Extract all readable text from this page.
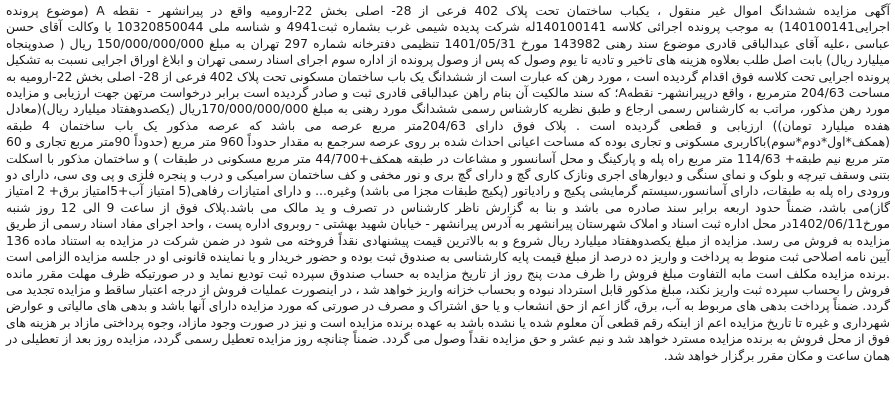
آگهی مزایده ششدانگ اموال غیر منقول ، یکباب ساختمان تحت پلاک 402 فرعی از 28- اصلی بخش 22-ارومیه واقع در پیرانشهر - نقطه A (موضوع پرونده اجرایی140100141) به موجب پرونده اجرائی کلاسه 140100141له شرکت پدیده شیمی غرب بشماره ثبت4941 و شناسه ملی 10320850044 با وکالت آقای حسن عباسی ،علیه آقای عبدالباقی قادری موضوع سند رهنی 143982 مورخ 1401/05/31 تنظیمی دفترخانه شماره 297 تهران به مبلغ 150/000/000/000 ریال ( صدوپنجاه میلیارد ریال) بابت اصل طلب بعلاوه هزینه های تاخیر و تادیه تا یوم وصول که پس از وصول پرونده از اداره سوم اجرای اسناد رسمی تهران و ابلاغ اوراق اجرایی نسبت به تشکیل پرونده اجرایی تحت کلاسه فوق اقدام گردیده است ، مورد رهن که عبارت است از ششدانگ یک باب ساختمان مسکونی تحت پلاک 402 فرعی از 28- اصلی بخش 22-ارومیه به مساحت 204/63 مترمربع ، واقع درپیرانشهر- نقطهA؛ که سند مالکیت آن بنام راهن عبدالباقی قادری ثبت و صادر گردیده است برابر درخواست مرتهن جهت ارزیابی و مزایده مورد رهن مذکور، مراتب به کارشناس رسمی ارجاع و طبق نظریه کارشناس رسمی ششدانگ مورد رهنی به مبلغ 170/000/000/000ریال (یکصدوهفتاد میلیارد ریال)(معادل هفده میلیارد تومان)) ارزیابی و قطعی گردیده است . پلاک فوق دارای 204/63متر مربع عرصه می باشد که عرصه مذکور یک باب ساختمان 4 طبقه (همکف*اول*دوم*سوم)باکاربری مسکونی و تجاری بوده که مساحت اعیانی احداث شده بر روی عرصه سرجمع به مقدار حدوداً 960 متر مربع (حدوداً 90متر مربع تجاری و 60 متر مربع نیم طبقه+ 114/63 متر مربع راه پله و پارکینگ و محل آسانسور و مشاعات در طبقه همکف+44/700 متر مربع مسکونی در طبقات ) و ساختمان مذکور با اسکلت بتنی وسقف تیرچه و بلوک و نمای سنگی و دیوارهای اجری ونازک کاری گچ و دارای گچ بری و نور مخفی و کف ساختمان سرامیکی و درب و پنجره فلزی و پی وی سی، دارای دو ورودی راه پله به طبقات، دارای آسانسور،سیستم گرمایشی پکیج و رادیاتور (پکیج طبقات مجزا می باشد) وغیره... و دارای امتیازات رفاهی(5 امتیاز آب+5امتیاز برق+ 2 امتیاز گاز)می باشد، ضمناً حدود اربعه برابر سند صادره می باشد و بنا به گزارش ناظر کارشناس در تصرف و ید مالک می باشد.پلاک فوق از ساعت 9 الی 12 روز شنبه مورخ1402/06/11در محل اداره ثبت اسناد و املاک شهرستان پیرانشهر به آدرس پیرانشهر - خیابان شهید بهشتی - روبروی اداره پست ، واحد اجرای مفاد اسناد رسمی از طریق مزایده به فروش می رسد. مزایده از مبلغ یکصدوهفتاد میلیارد ریال شروع و به بالاترین قیمت پیشنهادی نقداً فروخته می شود در ضمن شرکت در مزایده به استناد ماده 136 آیین نامه اصلاحی ثبت منوط به پرداخت و واریز ده درصد از مبلغ قیمت پایه کارشناسی به صندوق ثبت بوده و حضور خریدار و یا نماینده قانونی او در جلسه مزایده الزامی است .برنده مزایده مکلف است مابه التفاوت مبلغ فروش را ظرف مدت پنج روز از تاریخ مزایده به حساب صندوق سپرده ثبت تودیع نماید و در صورتیکه ظرف مهلت مقرر مانده فروش را بحساب سپرده ثبت واریز نکند، مبلغ مذکور قابل استرداد نبوده و بحساب خزانه واریز خواهد شد ، در اینصورت عملیات فروش از درجه اعتبار ساقط و مزایده تجدید می گردد. ضمناً پرداخت بدهی های مربوط به آب، برق، گاز اعم از حق انشعاب و یا حق اشتراک و مصرف در صورتی که مورد مزایده دارای آنها باشد و بدهی های مالیاتی و عوارض شهرداری و غیره تا تاریخ مزایده اعم از اینکه رقم قطعی آن معلوم شده یا نشده باشد به عهده برنده مزایده است و نیز در صورت وجود مازاد، وجوه پرداختی مازاد بر هزینه های فوق از محل فروش به برنده مزایده مسترد خواهد شد و نیم عشر و حق مزایده نقداً وصول می گردد. ضمناً چنانچه روز مزایده تعطیل رسمی گردد، مزایده روز بعد از تعطیلی در همان ساعت و مکان مقرر برگزار خواهد شد.
